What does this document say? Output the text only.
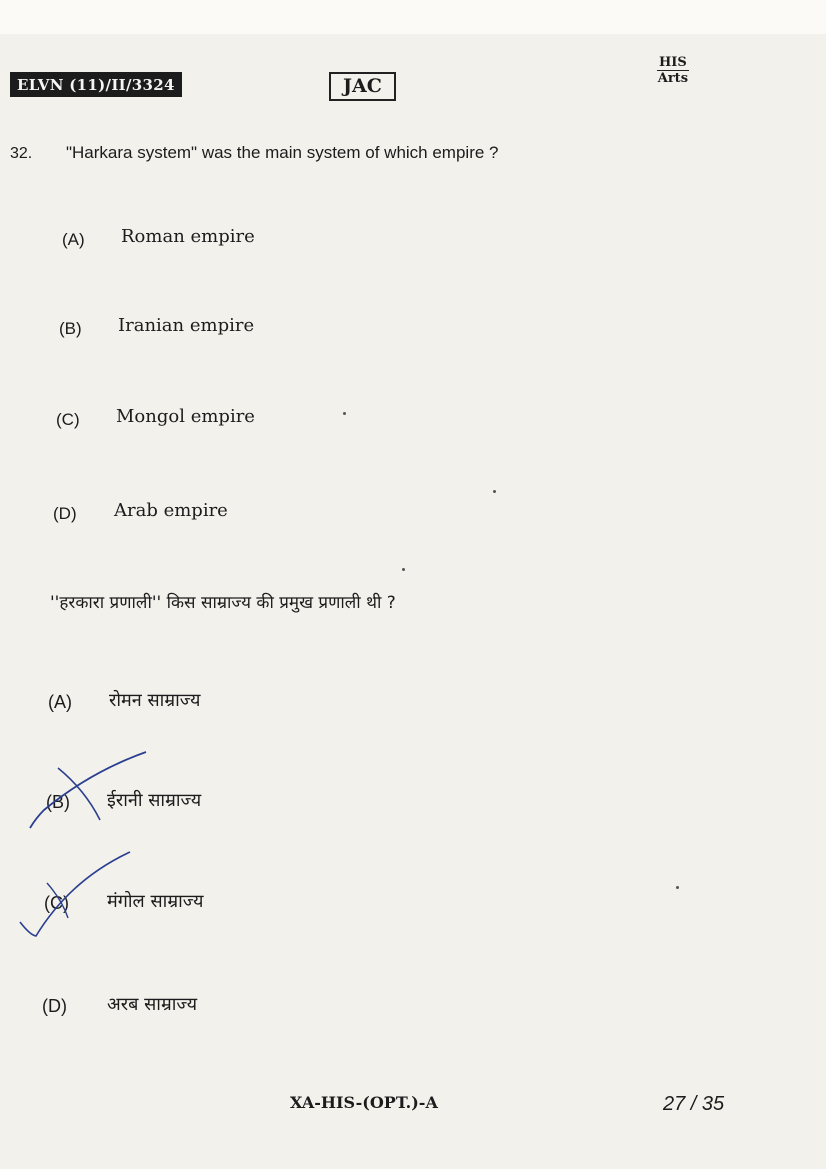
ELVN (11)/II/3324	JAC
HIS
Arts
32. "Harkara system" was the main system of which empire ?
(A) Roman empire
(B) Iranian empire
(C) Mongol empire
(D) Arab empire
''हरकारा प्रणाली'' किस साम्राज्य की प्रमुख प्रणाली थी ?
(A) रोमन साम्राज्य
(B) ईरानी साम्राज्य
(C) मंगोल साम्राज्य
(D) अरब साम्राज्य
XA-HIS-(OPT.)-A	27 / 35
